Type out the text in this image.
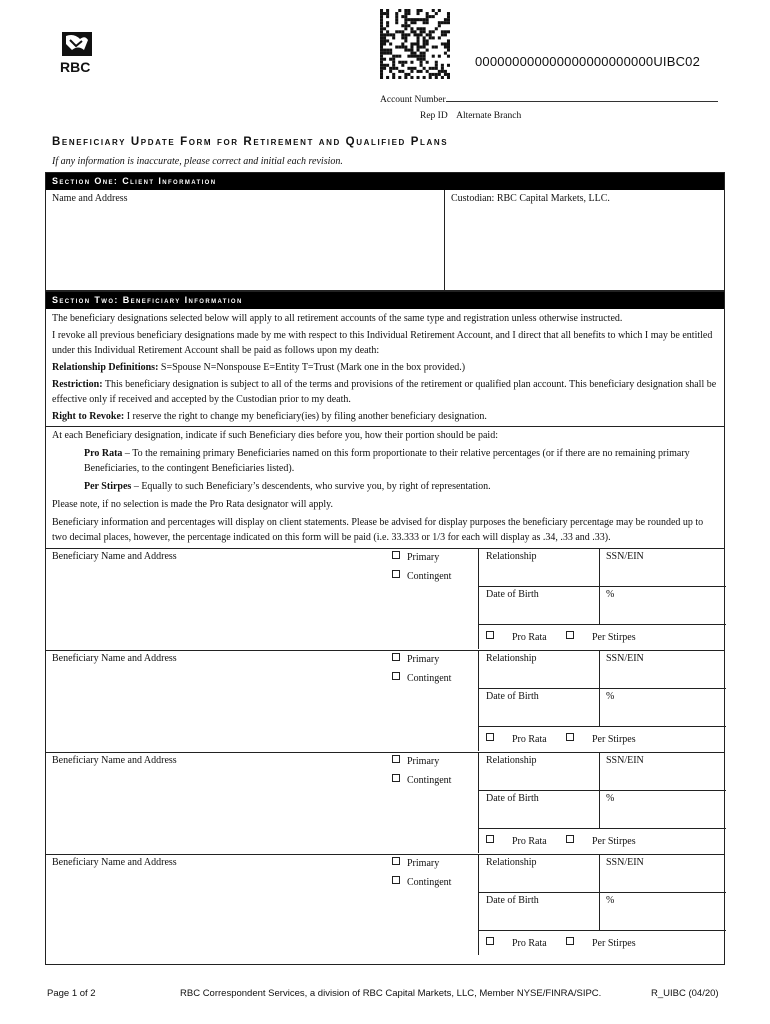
RBC	000000000000000000000000UIBC02
Account Number
Rep ID Alternate Branch
Beneficiary Update Form for Retirement and Qualified Plans
If any information is inaccurate, please correct and initial each revision.
Section One: Client Information
Name and Address	Custodian: RBC Capital Markets, LLC.
Section Two: Beneficiary Information
The beneficiary designations selected below will apply to all retirement accounts of the same type and registration unless otherwise instructed.
I revoke all previous beneficiary designations made by me with respect to this Individual Retirement Account, and I direct that all benefits to which I may be entitled under this Individual Retirement Account shall be paid as follows upon my death:
Relationship Definitions: S=Spouse N=Nonspouse E=Entity T=Trust (Mark one in the box provided.)
Restriction: This beneficiary designation is subject to all of the terms and provisions of the retirement or qualified plan account. This beneficiary designation shall be effective only if received and accepted by the Custodian prior to my death.
Right to Revoke: I reserve the right to change my beneficiary(ies) by filing another beneficiary designation.
At each Beneficiary designation, indicate if such Beneficiary dies before you, how their portion should be paid:
Pro Rata – To the remaining primary Beneficiaries named on this form proportionate to their relative percentages (or if there are no remaining primary Beneficiaries, to the contingent Beneficiaries listed).
Per Stirpes – Equally to such Beneficiary’s descendents, who survive you, by right of representation.
Please note, if no selection is made the Pro Rata designator will apply.
Beneficiary information and percentages will display on client statements. Please be advised for display purposes the beneficiary percentage may be rounded up to two decimal places, however, the percentage indicated on this form will be paid (i.e. 33.333 or 1/3 for each will display as .34, .33 and .33).
Beneficiary Name and Address	Primary
Contingent
Relationship	SSN/EIN
Date of Birth	%
Pro Rata	Per Stirpes
Beneficiary Name and Address	Primary
Contingent
Relationship	SSN/EIN
Date of Birth	%
Pro Rata	Per Stirpes
Beneficiary Name and Address	Primary
Contingent
Relationship	SSN/EIN
Date of Birth	%
Pro Rata	Per Stirpes
Beneficiary Name and Address	Primary
Contingent
Relationship	SSN/EIN
Date of Birth	%
Pro Rata	Per Stirpes
Page 1 of 2	RBC Correspondent Services, a division of RBC Capital Markets, LLC, Member NYSE/FINRA/SIPC.	R_UIBC (04/20)
